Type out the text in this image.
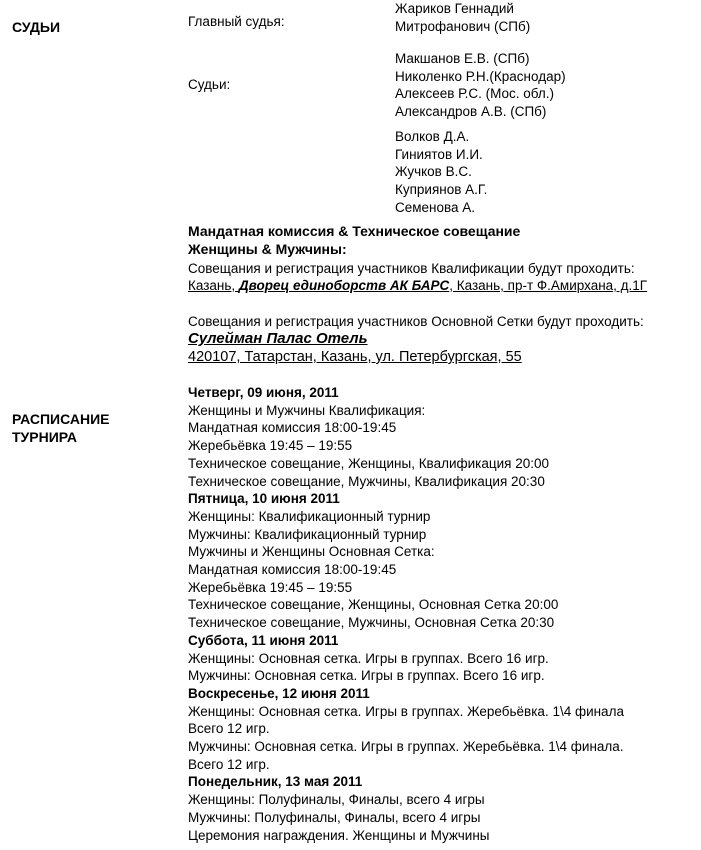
СУДЬИ	Главный судья:
Жариков Геннадий
Митрофанович (СПб)
Судьи:
Макшанов Е.В. (СПб)
Николенко Р.Н.(Краснодар)
Алексеев Р.С. (Мос. обл.)
Александров А.В. (СПб)
Волков Д.А.
Гиниятов И.И.
Жучков В.С.
Куприянов А.Г.
Семенова А.
Мандатная комиссия & Техническое совещание
Женщины & Мужчины:
Совещания и регистрация участников Квалификации будут проходить:
Казань, Дворец единоборств АК БАРС, Казань, пр-т Ф.Амирхана, д.1Г
Совещания и регистрация участников Основной Сетки будут проходить:
Сулейман Палас Отель
420107, Татарстан, Казань, ул. Петербургская, 55
РАСПИСАНИЕ
ТУРНИРА
Четверг, 09 июня, 2011
Женщины и Мужчины Квалификация:
Мандатная комиссия 18:00-19:45
Жеребьёвка 19:45 – 19:55
Техническое совещание, Женщины, Квалификация 20:00
Техническое совещание, Мужчины, Квалификация 20:30
Пятница, 10 июня 2011
Женщины: Квалификационный турнир
Мужчины: Квалификационный турнир
Мужчины и Женщины Основная Сетка:
Мандатная комиссия 18:00-19:45
Жеребьёвка 19:45 – 19:55
Техническое совещание, Женщины, Основная Сетка 20:00
Техническое совещание, Мужчины, Основная Сетка 20:30
Суббота, 11 июня 2011
Женщины: Основная сетка. Игры в группах. Всего 16 игр.
Мужчины: Основная сетка. Игры в группах. Всего 16 игр.
Воскресенье, 12 июня 2011
Женщины: Основная сетка. Игры в группах. Жеребьёвка. 1\4 финала
Всего 12 игр.
Мужчины: Основная сетка. Игры в группах. Жеребьёвка. 1\4 финала.
Всего 12 игр.
Понедельник, 13 мая 2011
Женщины: Полуфиналы, Финалы, всего 4 игры
Мужчины: Полуфиналы, Финалы, всего 4 игры
Церемония награждения. Женщины и Мужчины
